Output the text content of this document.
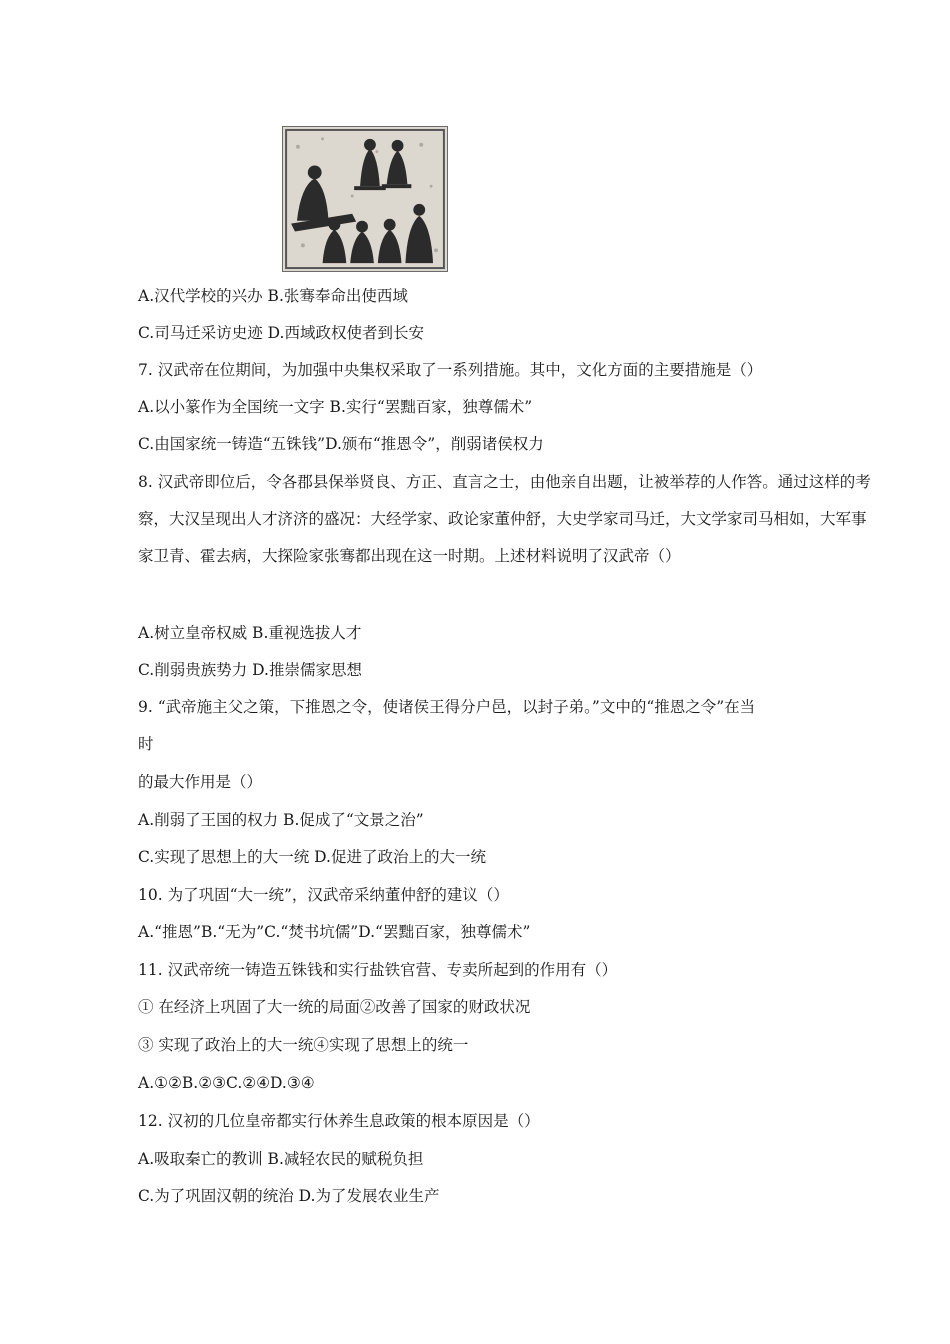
A.汉代学校的兴办 B.张骞奉命出使西域
C.司马迁采访史迹 D.西域政权使者到长安
7. 汉武帝在位期间，为加强中央集权采取了一系列措施。其中，文化方面的主要措施是（）
A.以小篆作为全国统一文字 B.实行“罢黜百家，独尊儒术”
C.由国家统一铸造“五铢钱”D.颁布“推恩令”，削弱诸侯权力
8. 汉武帝即位后，令各郡县保举贤良、方正、直言之士，由他亲自出题，让被举荐的人作答。通过这样的考察，大汉呈现出人才济济的盛况：大经学家、政论家董仲舒，大史学家司马迁，大文学家司马相如，大军事家卫青、霍去病，大探险家张骞都出现在这一时期。上述材料说明了汉武帝（）
A.树立皇帝权威 B.重视选拔人才
C.削弱贵族势力 D.推崇儒家思想
9. “武帝施主父之策，下推恩之令，使诸侯王得分户邑，以封子弟。”文中的“推恩之令”在当
时
的最大作用是（）
A.削弱了王国的权力 B.促成了“文景之治”
C.实现了思想上的大一统 D.促进了政治上的大一统
10. 为了巩固“大一统”，汉武帝采纳董仲舒的建议（）
A.“推恩”B.“无为”C.“焚书坑儒”D.“罢黜百家，独尊儒术”
11. 汉武帝统一铸造五铢钱和实行盐铁官营、专卖所起到的作用有（）
① 在经济上巩固了大一统的局面②改善了国家的财政状况
③ 实现了政治上的大一统④实现了思想上的统一
A.①②B.②③C.②④D.③④
12. 汉初的几位皇帝都实行休养生息政策的根本原因是（）
A.吸取秦亡的教训 B.减轻农民的赋税负担
C.为了巩固汉朝的统治 D.为了发展农业生产
